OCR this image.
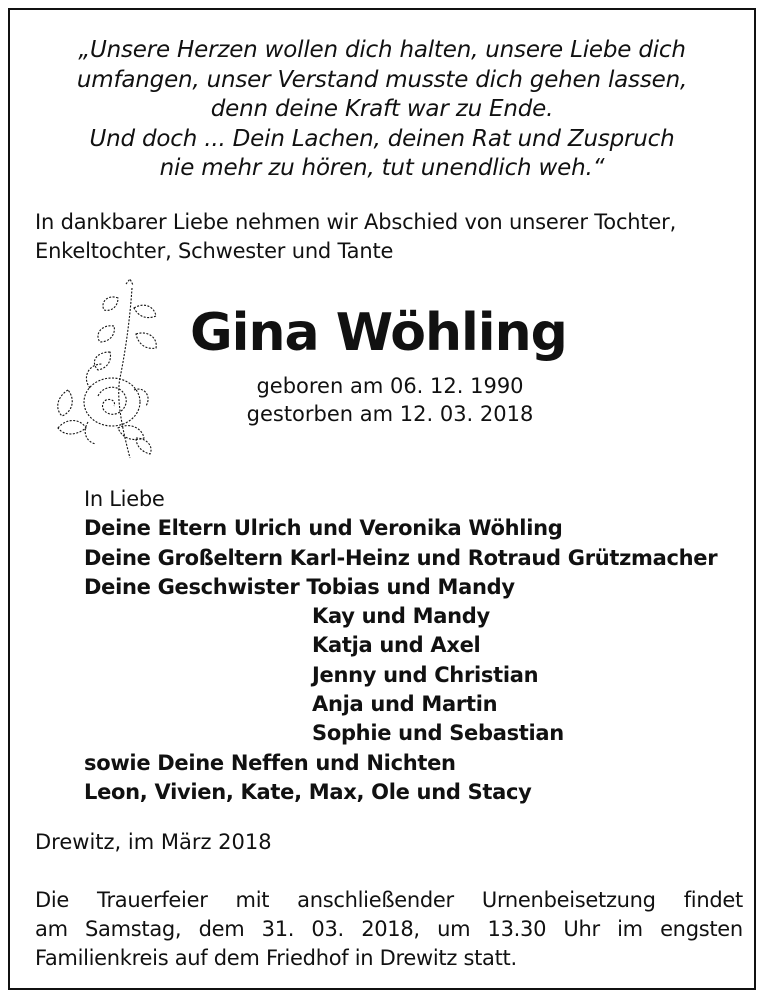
„Unsere Herzen wollen dich halten, unsere Liebe dich
umfangen, unser Verstand musste dich gehen lassen,
denn deine Kraft war zu Ende.
Und doch ... Dein Lachen, deinen Rat und Zuspruch
nie mehr zu hören, tut unendlich weh.“
In dankbarer Liebe nehmen wir Abschied von unserer Tochter,
Enkeltochter, Schwester und Tante
Gina Wöhling
geboren am 06. 12. 1990
gestorben am 12. 03. 2018
In Liebe
Deine Eltern Ulrich und Veronika Wöhling
Deine Großeltern Karl-Heinz und Rotraud Grützmacher
Deine Geschwister Tobias und Mandy
Kay und Mandy
Katja und Axel
Jenny und Christian
Anja und Martin
Sophie und Sebastian
sowie Deine Neffen und Nichten
Leon, Vivien, Kate, Max, Ole und Stacy
Drewitz, im März 2018
Die Trauerfeier mit anschließender Urnenbeisetzung findet
am Samstag, dem 31. 03. 2018, um 13.30 Uhr im engsten
Familienkreis auf dem Friedhof in Drewitz statt.
